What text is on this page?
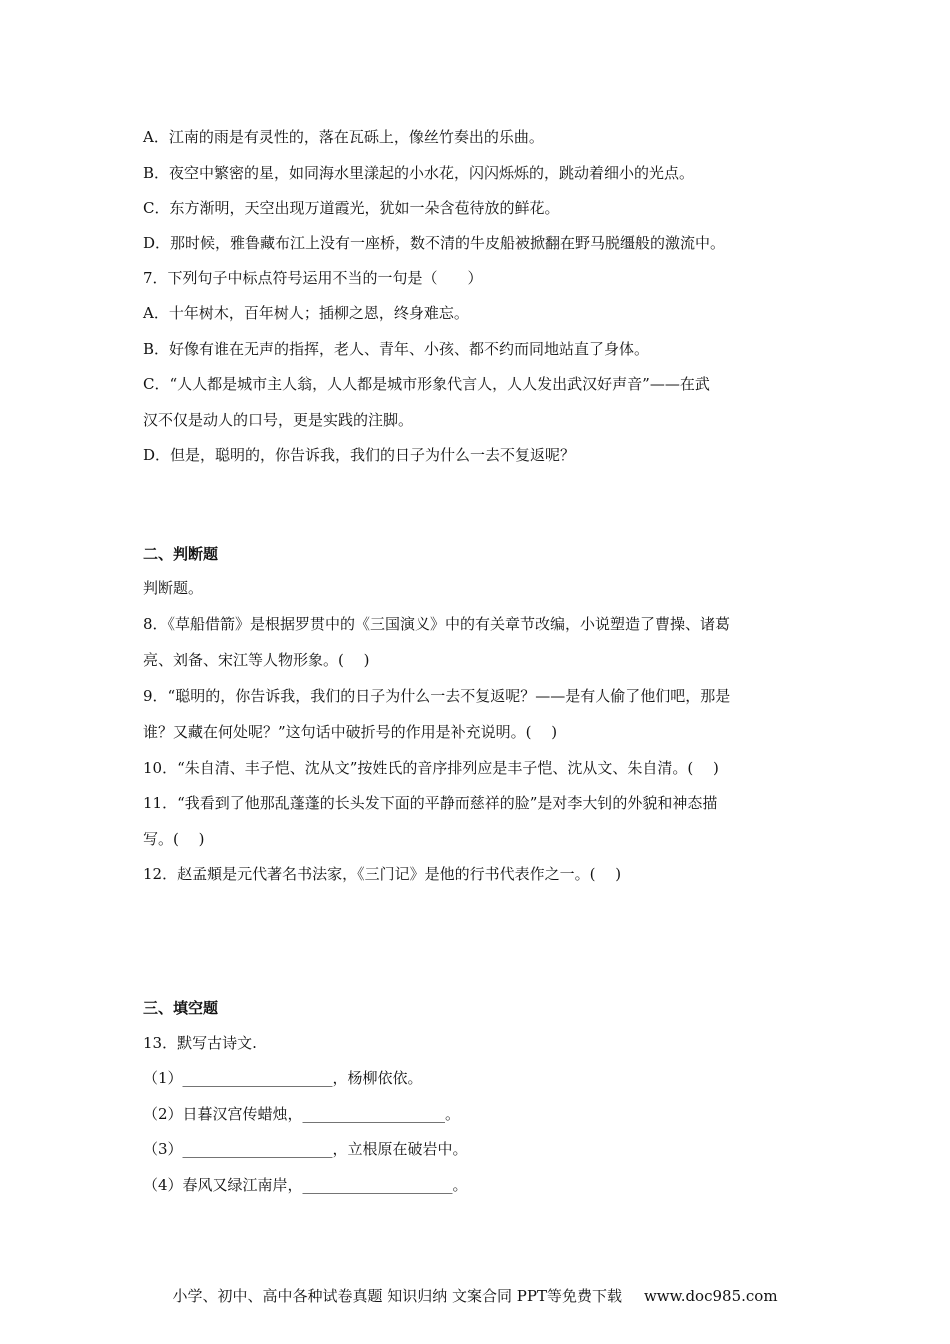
A．江南的雨是有灵性的，落在瓦砾上，像丝竹奏出的乐曲。
B．夜空中繁密的星，如同海水里漾起的小水花，闪闪烁烁的，跳动着细小的光点。
C．东方渐明，天空出现万道霞光，犹如一朵含苞待放的鲜花。
D．那时候，雅鲁藏布江上没有一座桥，数不清的牛皮船被掀翻在野马脱缰般的激流中。
7．下列句子中标点符号运用不当的一句是（　　）
A．十年树木，百年树人；插柳之恩，终身难忘。
B．好像有谁在无声的指挥，老人、青年、小孩、都不约而同地站直了身体。
C．“人人都是城市主人翁，人人都是城市形象代言人，人人发出武汉好声音”——在武
汉不仅是动人的口号，更是实践的注脚。
D．但是，聪明的，你告诉我，我们的日子为什么一去不复返呢？
二、判断题
判断题。
8．《草船借箭》是根据罗贯中的《三国演义》中的有关章节改编，小说塑造了曹操、诸葛
亮、刘备、宋江等人物形象。(　 )
9．“聪明的，你告诉我，我们的日子为什么一去不复返呢？——是有人偷了他们吧，那是
谁？又藏在何处呢？”这句话中破折号的作用是补充说明。(　 )
10．“朱自清、丰子恺、沈从文”按姓氏的音序排列应是丰子恺、沈从文、朱自清。(　 )
11．“我看到了他那乱蓬蓬的长头发下面的平静而慈祥的脸”是对李大钊的外貌和神态描
写。(　 )
12．赵孟頫是元代著名书法家，《三门记》是他的行书代表作之一。(　 )
三、填空题
13．默写古诗文.
（1）____________________，杨柳依依。
（2）日暮汉宫传蜡烛，___________________。
（3）____________________，立根原在破岩中。
（4）春风又绿江南岸，____________________。
小学、初中、高中各种试卷真题 知识归纳 文案合同 PPT等免费下载 www.doc985.com
